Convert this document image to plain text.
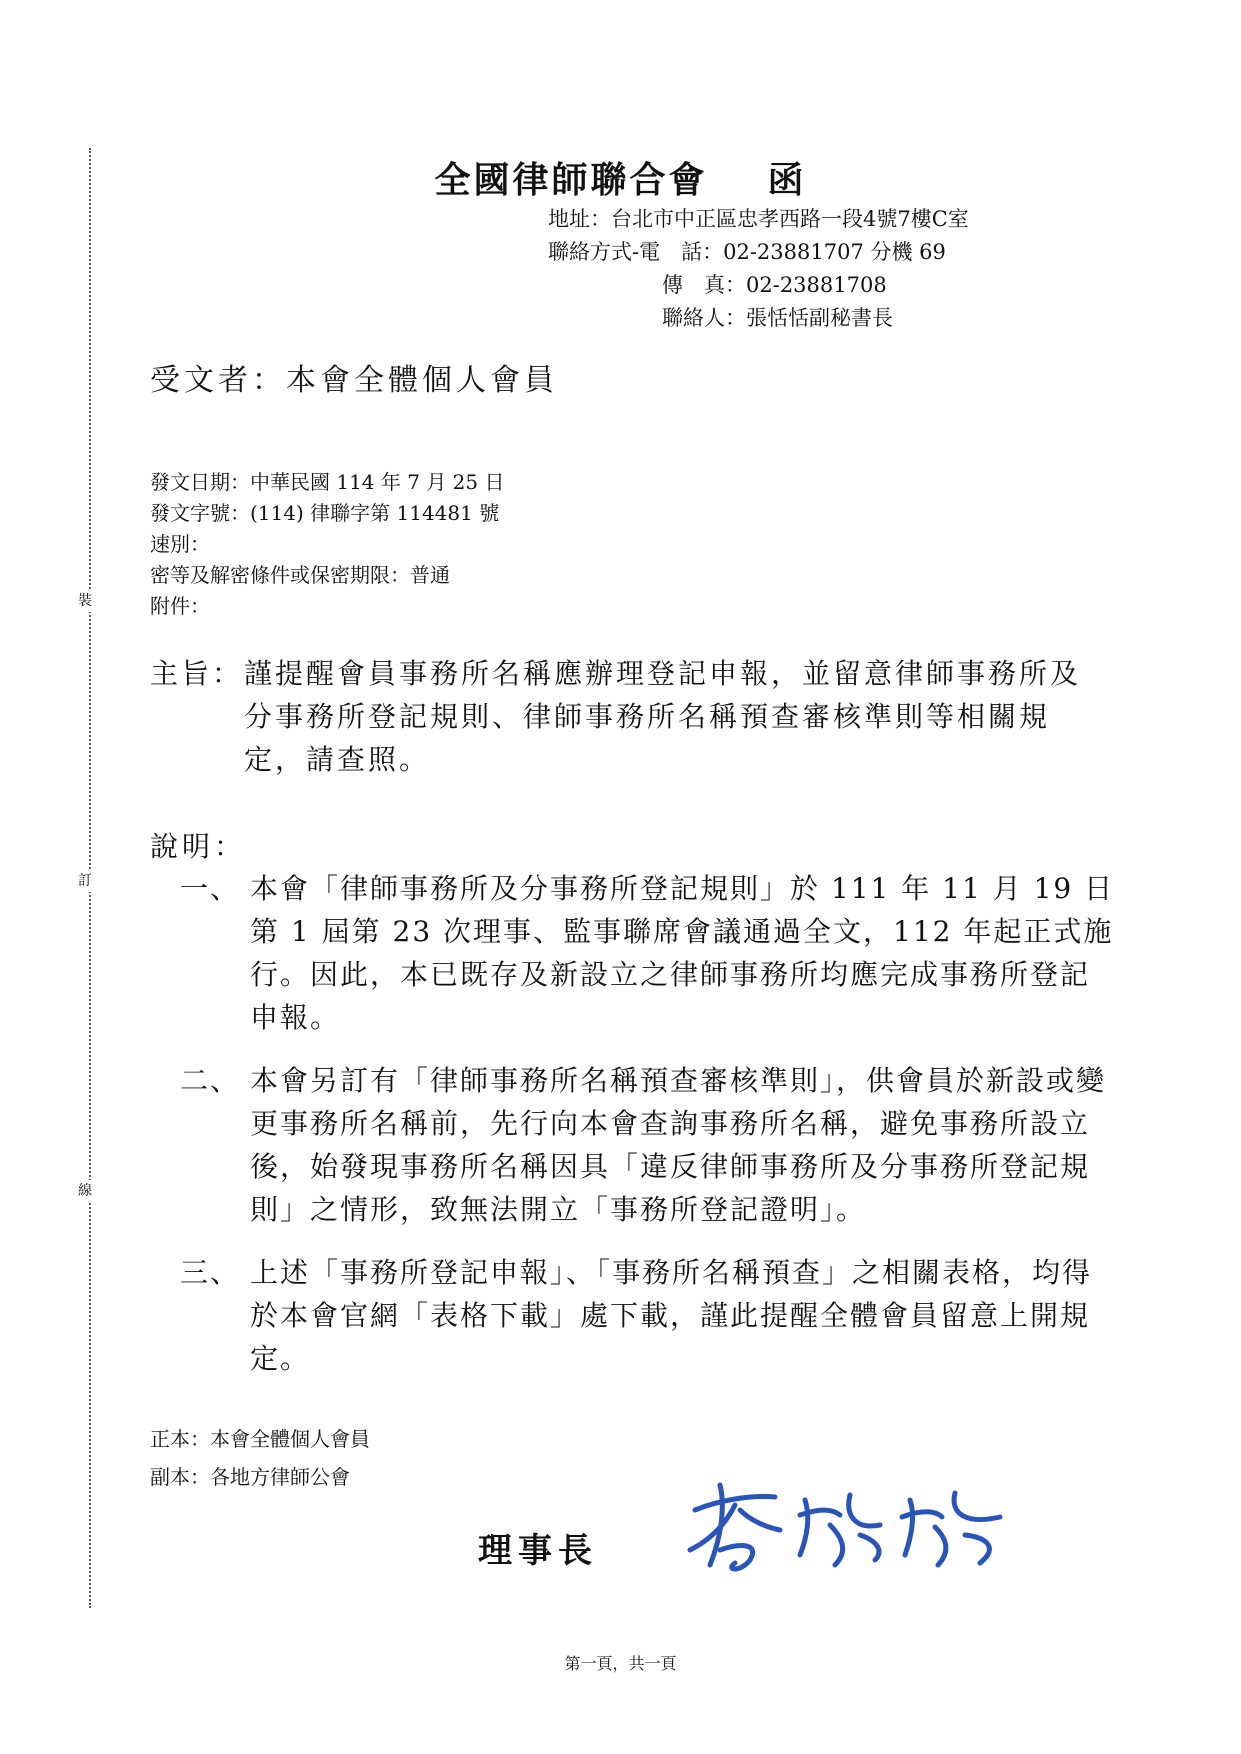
裝
訂
線
全國律師聯合會 函
地址：台北市中正區忠孝西路一段4號7樓C室
聯絡方式-電　話：02-23881707 分機 69
傳　真：02-23881708
聯絡人：張恬恬副秘書長
受文者：本會全體個人會員
發文日期：中華民國 114 年 7 月 25 日
發文字號：(114) 律聯字第 114481 號
速別：
密等及解密條件或保密期限：普通
附件：
主旨： 謹提醒會員事務所名稱應辦理登記申報，並留意律師事務所及分事務所登記規則、律師事務所名稱預查審核準則等相關規定，請查照。
說明：
一、 本會「律師事務所及分事務所登記規則」於 111 年 11 月 19 日第 1 屆第 23 次理事、監事聯席會議通過全文，112 年起正式施行。因此，本已既存及新設立之律師事務所均應完成事務所登記申報。
二、 本會另訂有「律師事務所名稱預查審核準則」，供會員於新設或變更事務所名稱前，先行向本會查詢事務所名稱，避免事務所設立後，始發現事務所名稱因具「違反律師事務所及分事務所登記規則」之情形，致無法開立「事務所登記證明」。
三、 上述「事務所登記申報」、「事務所名稱預查」之相關表格，均得於本會官網「表格下載」處下載，謹此提醒全體會員留意上開規定。
正本：本會全體個人會員
副本：各地方律師公會
理事長
第一頁，共一頁
